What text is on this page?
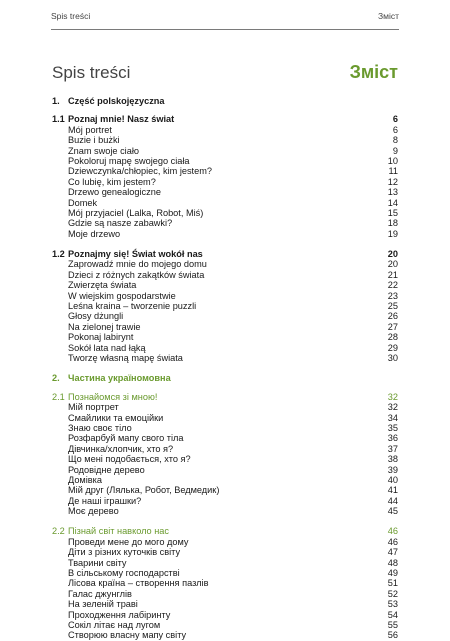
Spis treści	Зміст
Spis treści	Зміст
1. Część polskojęzyczna
1.1 Poznaj mnie! Nasz świat	6
Mój portret	6
Buzie i bużki	8
Znam swoje ciało	9
Pokoloruj mapę swojego ciała	10
Dziewczynka/chłopiec, kim jestem?	11
Co lubię, kim jestem?	12
Drzewo genealogiczne	13
Domek	14
Mój przyjaciel (Lalka, Robot, Miś)	15
Gdzie są nasze zabawki?	18
Moje drzewo	19
1.2 Poznajmy się! Świat wokół nas	20
Zaprowadź mnie do mojego domu	20
Dzieci z różnych zakątków świata	21
Zwierzęta świata	22
W wiejskim gospodarstwie	23
Leśna kraina – tworzenie puzzli	25
Głosy dżungli	26
Na zielonej trawie	27
Pokonaj labirynt	28
Sokół lata nad łąką	29
Tworzę własną mapę świata	30
2. Частина україномовна
2.1 Познайомся зі мною!	32
Мій портрет	32
Смайлики та емоційки	34
Знаю своє тіло	35
Розфарбуй мапу свого тіла	36
Дівчинка/хлопчик, хто я?	37
Що мені подобається, хто я?	38
Родовідне дерево	39
Домівка	40
Мій друг (Лялька, Робот, Ведмедик)	41
Де наші іграшки?	44
Моє дерево	45
2.2 Пізнай світ навколо нас	46
Проведи мене до мого дому	46
Діти з різних куточків світу	47
Тварини світу	48
В сільському господарстві	49
Лісова країна – створення пазлів	51
Галас джунглів	52
На зеленій траві	53
Проходження лабіринту	54
Сокіл літає над лугом	55
Створюю власну мапу світу	56
